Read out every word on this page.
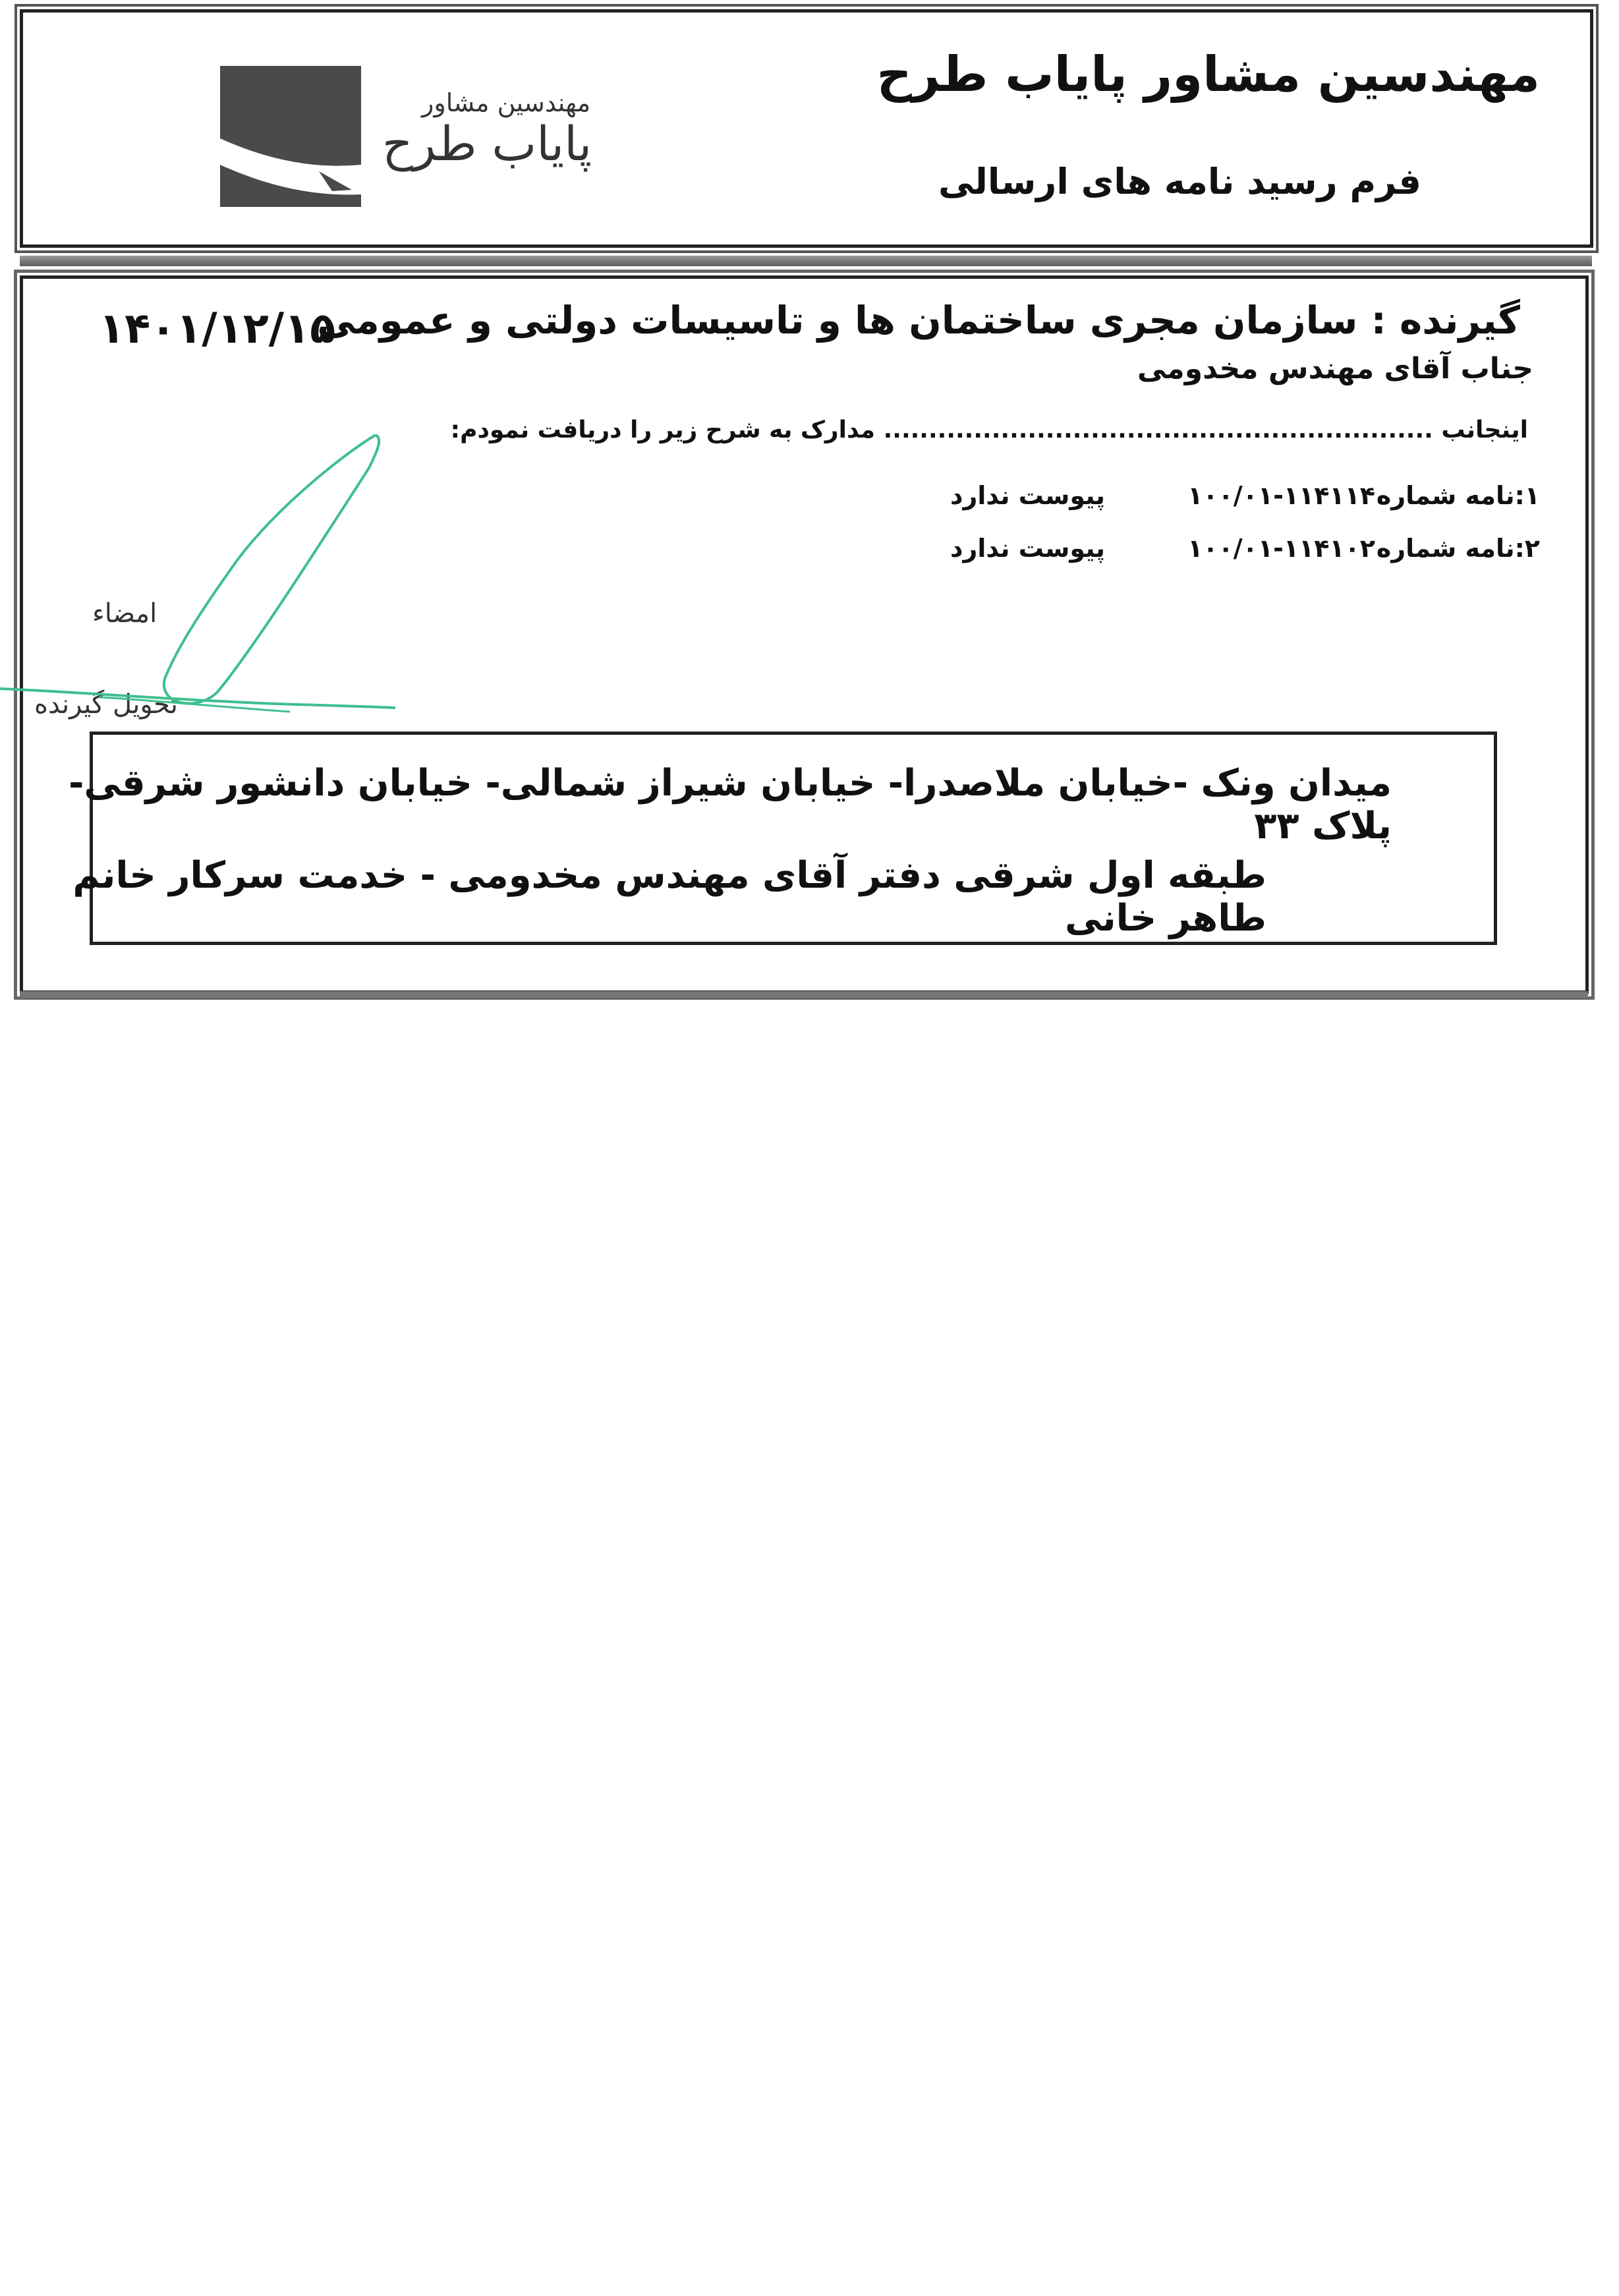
مهندسین مشاور پایاب طرح
فرم رسید نامه های ارسالی
مهندسین مشاور
پایاب طرح
۱۴۰۱/۱۲/۱۵
گیرنده : سازمان مجری ساختمان ها و تاسیسات دولتی و عمومی
جناب آقای مهندس مخدومی
اینجانب ............................................................. مدارک به شرح زیر را دریافت نمودم:
۱:نامه شماره
۱۰۰/۰۱-۱۱۴۱۱۴
پیوست ندارد
۲:نامه شماره
۱۰۰/۰۱-۱۱۴۱۰۲
پیوست ندارد
امضاء
تحویل گیرنده
میدان ونک -خیابان ملاصدرا- خیابان شیراز شمالی- خیابان دانشور شرقی- پلاک ۳۳
طبقه اول شرقی دفتر آقای مهندس مخدومی - خدمت سرکار خانم طاهر خانی
